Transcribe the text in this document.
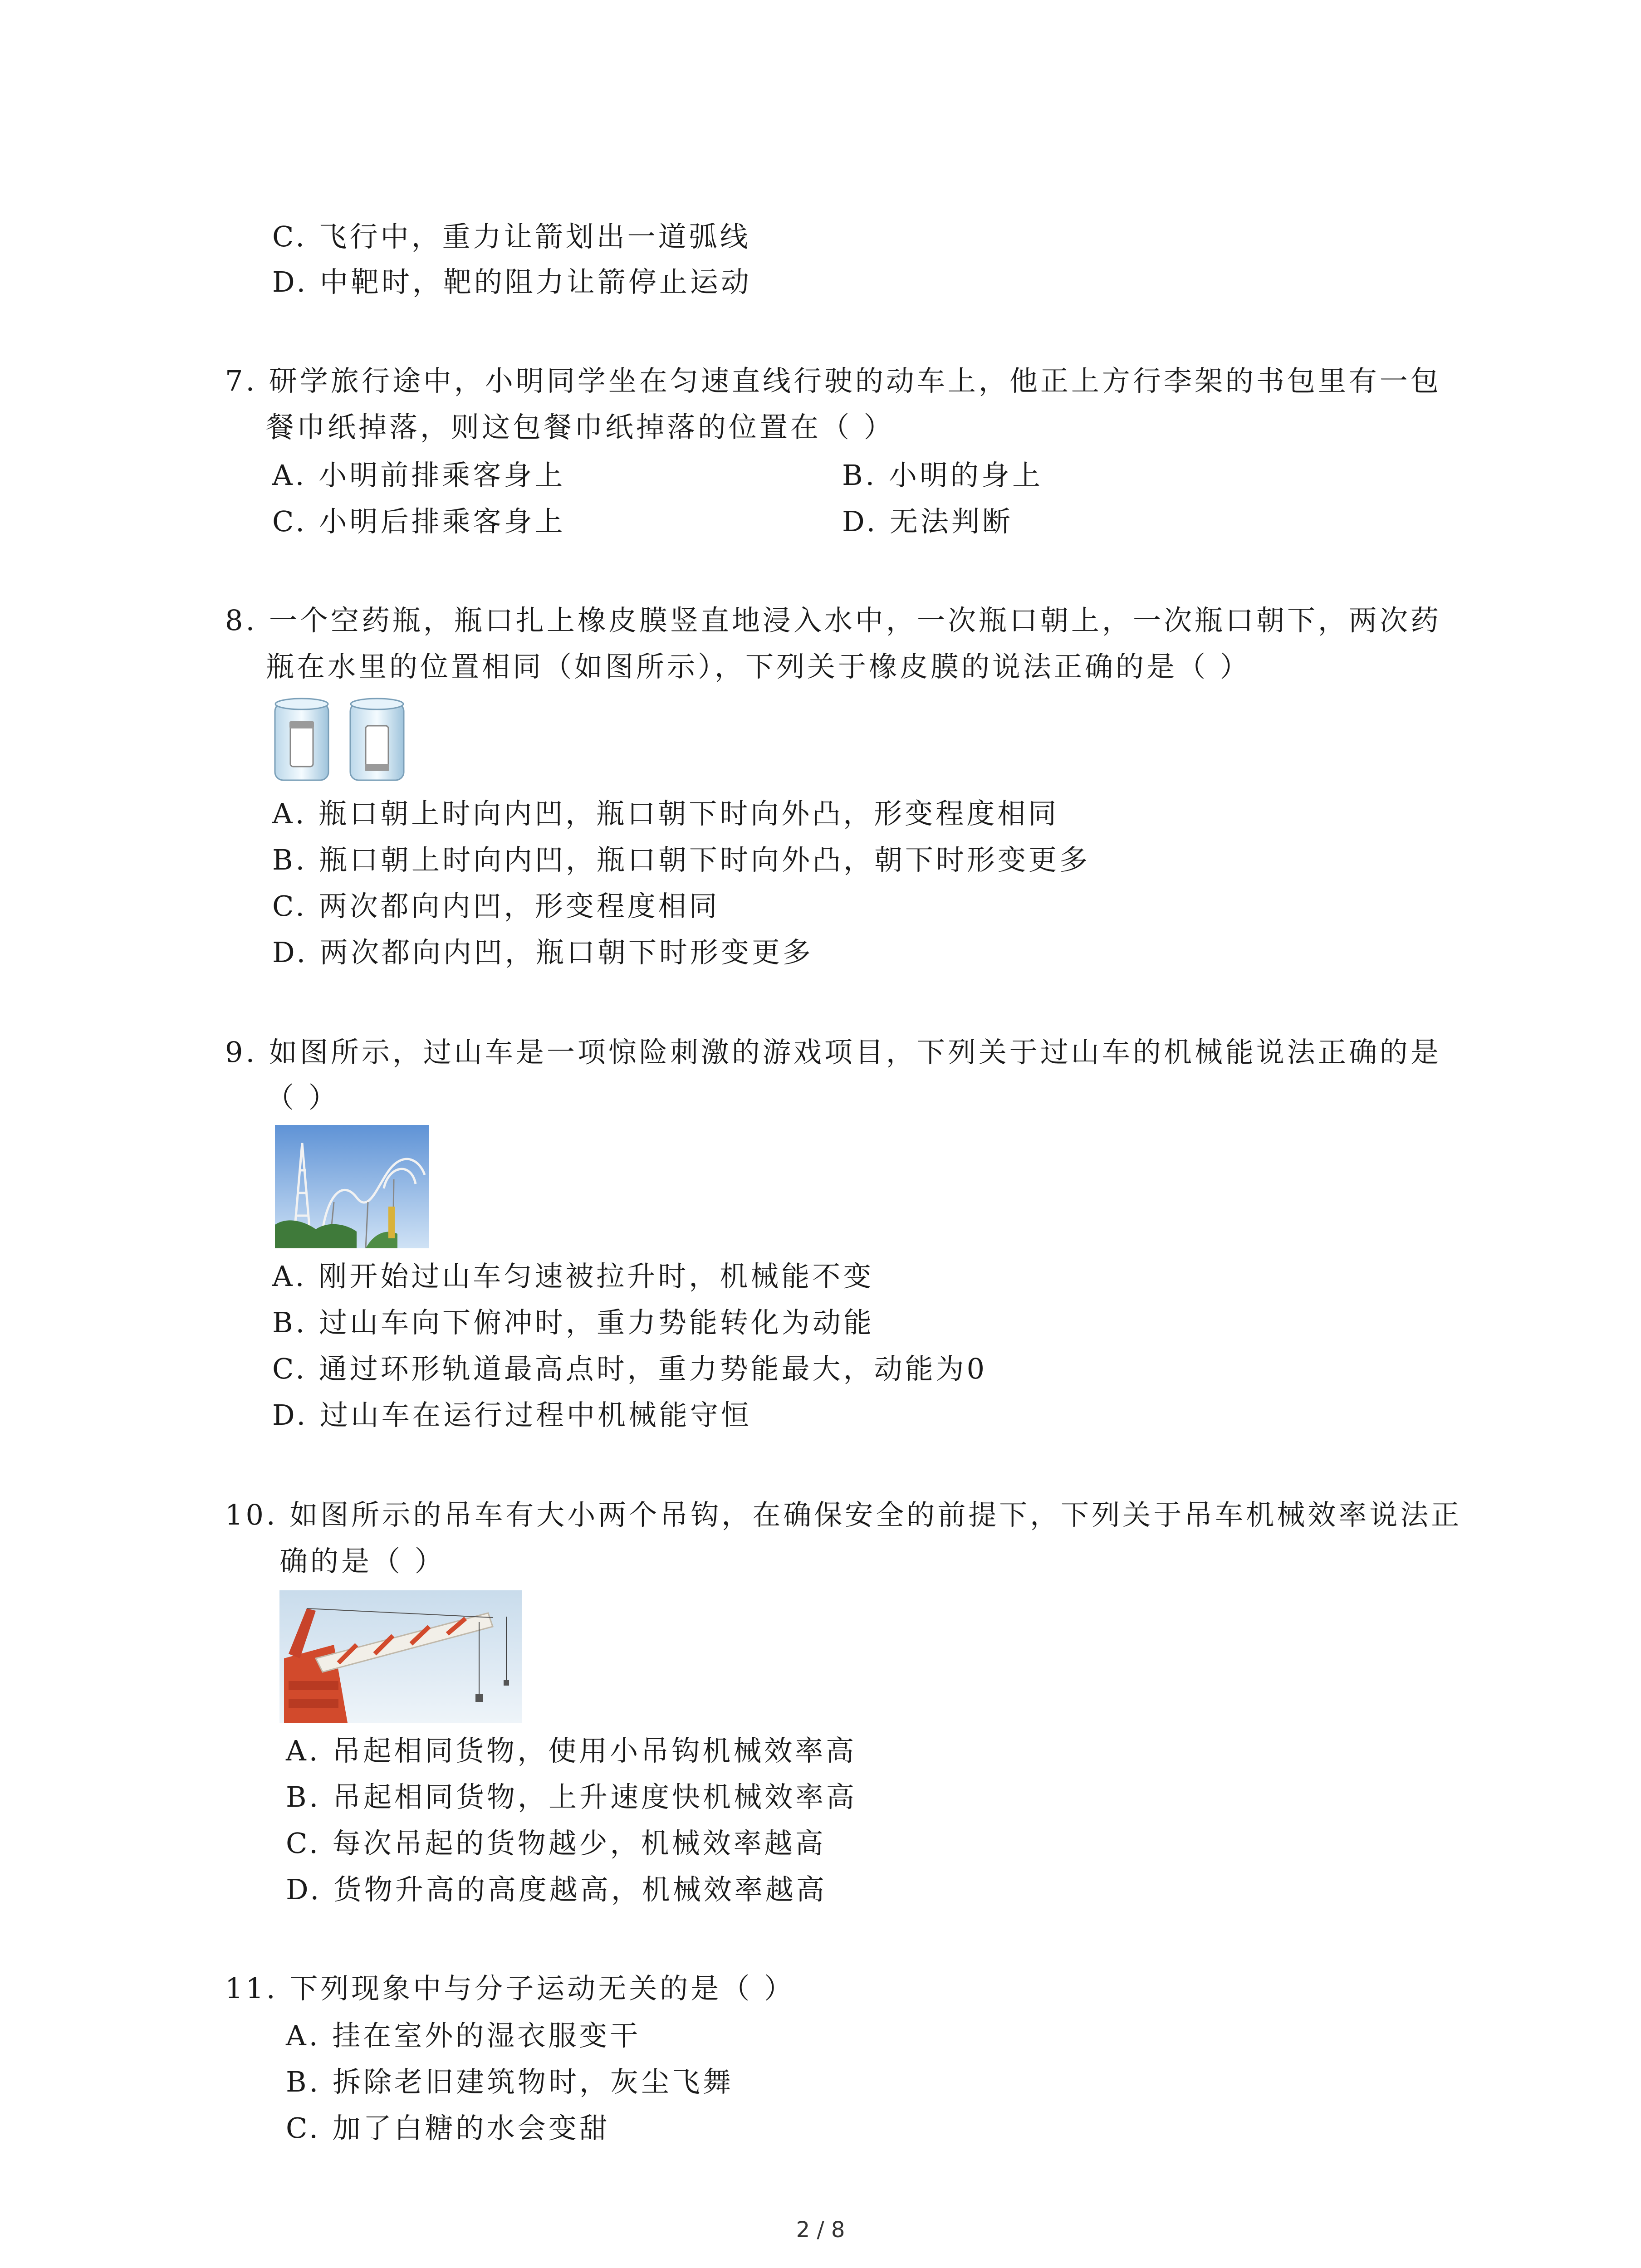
C. 飞行中，重力让箭划出一道弧线
D. 中靶时，靶的阻力让箭停止运动
7. 研学旅行途中，小明同学坐在匀速直线行驶的动车上，他正上方行李架的书包里有一包
餐巾纸掉落，则这包餐巾纸掉落的位置在（ ）
A. 小明前排乘客身上	B. 小明的身上
C. 小明后排乘客身上	D. 无法判断
8. 一个空药瓶，瓶口扎上橡皮膜竖直地浸入水中，一次瓶口朝上，一次瓶口朝下，两次药
瓶在水里的位置相同（如图所示），下列关于橡皮膜的说法正确的是（ ）
A. 瓶口朝上时向内凹，瓶口朝下时向外凸，形变程度相同
B. 瓶口朝上时向内凹，瓶口朝下时向外凸，朝下时形变更多
C. 两次都向内凹，形变程度相同
D. 两次都向内凹，瓶口朝下时形变更多
9. 如图所示，过山车是一项惊险刺激的游戏项目，下列关于过山车的机械能说法正确的是
（ ）
A. 刚开始过山车匀速被拉升时，机械能不变
B. 过山车向下俯冲时，重力势能转化为动能
C. 通过环形轨道最高点时，重力势能最大，动能为0
D. 过山车在运行过程中机械能守恒
10. 如图所示的吊车有大小两个吊钩，在确保安全的前提下，下列关于吊车机械效率说法正
确的是（ ）
A. 吊起相同货物，使用小吊钩机械效率高
B. 吊起相同货物，上升速度快机械效率高
C. 每次吊起的货物越少，机械效率越高
D. 货物升高的高度越高，机械效率越高
11. 下列现象中与分子运动无关的是（ ）
A. 挂在室外的湿衣服变干
B. 拆除老旧建筑物时，灰尘飞舞
C. 加了白糖的水会变甜
2 / 8
